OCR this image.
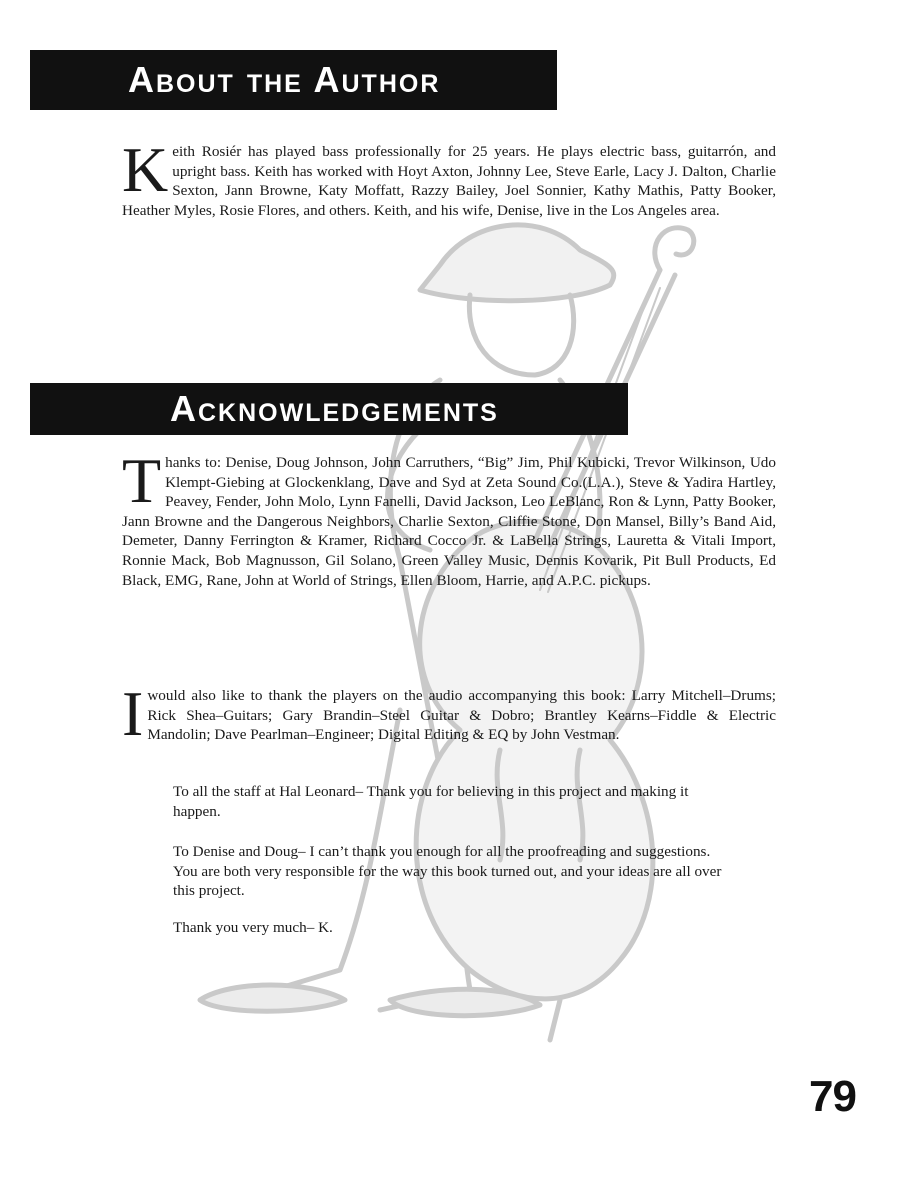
About the Author
Keith Rosiér has played bass professionally for 25 years. He plays electric bass, guitarrón, and upright bass. Keith has worked with Hoyt Axton, Johnny Lee, Steve Earle, Lacy J. Dalton, Charlie Sexton, Jann Browne, Katy Moffatt, Razzy Bailey, Joel Sonnier, Kathy Mathis, Patty Booker, Heather Myles, Rosie Flores, and others. Keith, and his wife, Denise, live in the Los Angeles area.
Acknowledgements
Thanks to: Denise, Doug Johnson, John Carruthers, “Big” Jim, Phil Kubicki, Trevor Wilkinson, Udo Klempt-Giebing at Glockenklang, Dave and Syd at Zeta Sound Co.(L.A.), Steve & Yadira Hartley, Peavey, Fender, John Molo, Lynn Fanelli, David Jackson, Leo LeBlanc, Ron & Lynn, Patty Booker, Jann Browne and the Dangerous Neighbors, Charlie Sexton, Cliffie Stone, Don Mansel, Billy’s Band Aid, Demeter, Danny Ferrington & Kramer, Richard Cocco Jr. & LaBella Strings, Lauretta & Vitali Import, Ronnie Mack, Bob Magnusson, Gil Solano, Green Valley Music, Dennis Kovarik, Pit Bull Products, Ed Black, EMG, Rane, John at World of Strings, Ellen Bloom, Harrie, and A.P.C. pickups.
Iwould also like to thank the players on the audio accompanying this book: Larry Mitchell–Drums; Rick Shea–Guitars; Gary Brandin–Steel Guitar & Dobro; Brantley Kearns–Fiddle & Electric Mandolin; Dave Pearlman–Engineer; Digital Editing & EQ by John Vestman.
To all the staff at Hal Leonard– Thank you for believing in this project and making it happen.
To Denise and Doug– I can’t thank you enough for all the proofreading and suggestions. You are both very responsible for the way this book turned out, and your ideas are all over this project.
Thank you very much– K.
79
